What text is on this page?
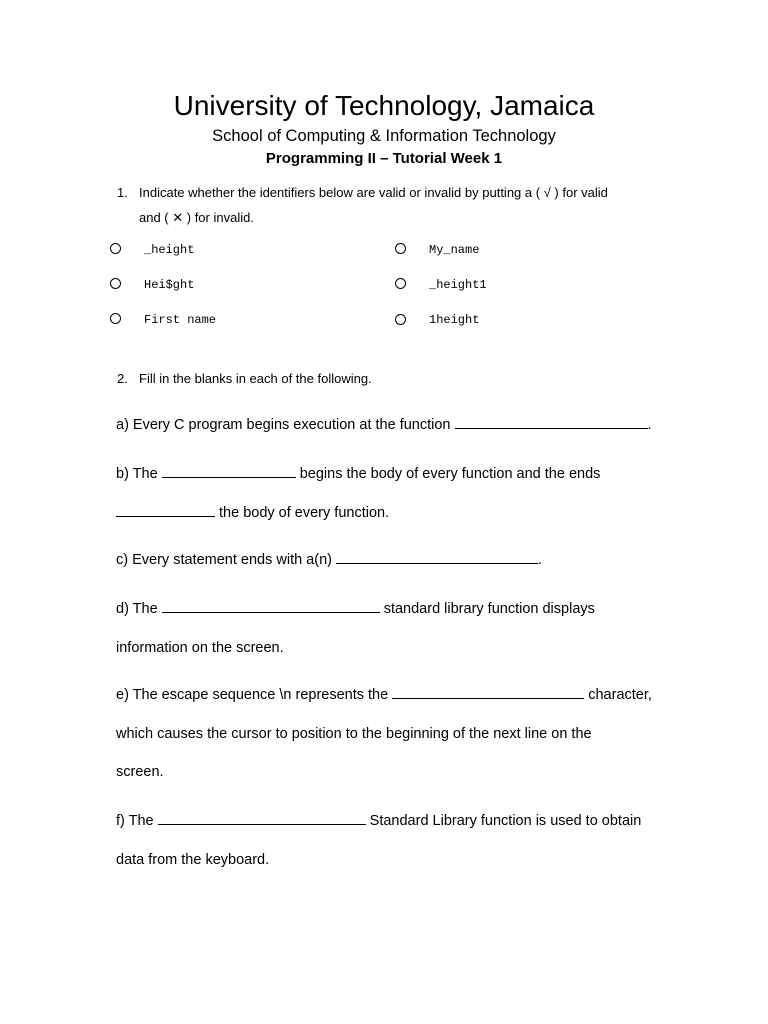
University of Technology, Jamaica
School of Computing & Information Technology
Programming II – Tutorial Week 1
1. Indicate whether the identifiers below are valid or invalid by putting a ( √ ) for valid
and ( ✕ ) for invalid.
_height	My_name
Hei$ght	_height1
First name	1height
2. Fill in the blanks in each of the following.
a) Every C program begins execution at the function	.
b) The	begins the body of every function and the ends
the body of every function.
c) Every statement ends with a(n)	.
d) The	standard library function displays
information on the screen.
e) The escape sequence \n represents the	character,
which causes the cursor to position to the beginning of the next line on the
screen.
f) The	Standard Library function is used to obtain
data from the keyboard.
